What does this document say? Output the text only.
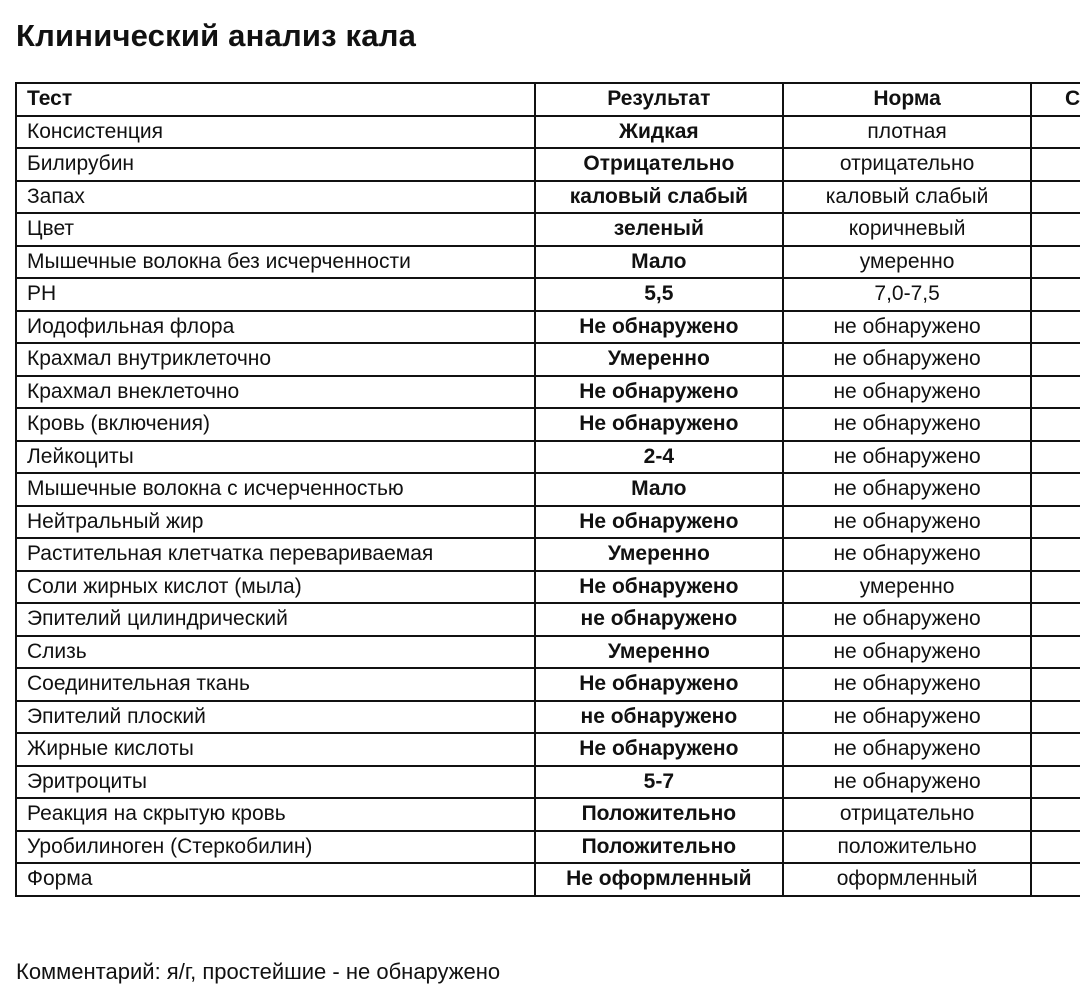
Клинический анализ кала
Тест	Результат	Норма	С
Консистенция	Жидкая	плотная	
Билирубин	Отрицательно	отрицательно	
Запах	каловый слабый	каловый слабый	
Цвет	зеленый	коричневый	
Мышечные волокна без исчерченности	Мало	умеренно	
PH	5,5	7,0-7,5	
Иодофильная флора	Не обнаружено	не обнаружено	
Крахмал внутриклеточно	Умеренно	не обнаружено	
Крахмал внеклеточно	Не обнаружено	не обнаружено	
Кровь (включения)	Не обнаружено	не обнаружено	
Лейкоциты	2-4	не обнаружено	
Мышечные волокна с исчерченностью	Мало	не обнаружено	
Нейтральный жир	Не обнаружено	не обнаружено	
Растительная клетчатка перевариваемая	Умеренно	не обнаружено	
Соли жирных кислот (мыла)	Не обнаружено	умеренно	
Эпителий цилиндрический	не обнаружено	не обнаружено	
Слизь	Умеренно	не обнаружено	
Соединительная ткань	Не обнаружено	не обнаружено	
Эпителий плоский	не обнаружено	не обнаружено	
Жирные кислоты	Не обнаружено	не обнаружено	
Эритроциты	5-7	не обнаружено	
Реакция на скрытую кровь	Положительно	отрицательно	
Уробилиноген (Стеркобилин)	Положительно	положительно	
Форма	Не оформленный	оформленный	

Комментарий: я/г, простейшие - не обнаружено
